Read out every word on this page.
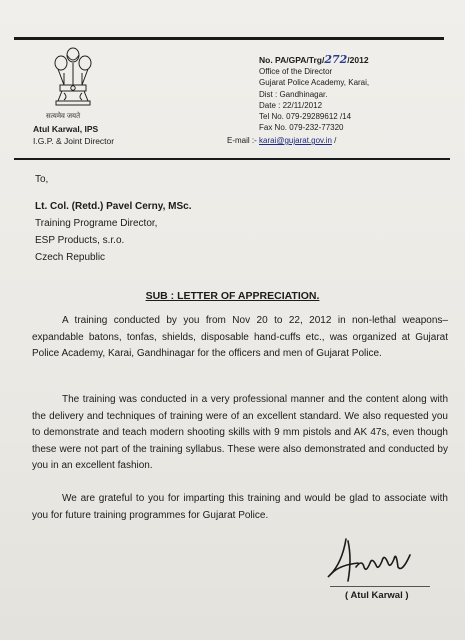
सत्यमेव जयते
Atul Karwal, IPS
I.G.P. & Joint Director
No. PA/GPA/Trg/272/2012
Office of the Director
Gujarat Police Academy, Karai,
Dist : Gandhinagar.
Date : 22/11/2012
Tel No. 079-29289612 /14
Fax No. 079-232-77320
E-mail :- karai@gujarat.gov.in /
To,
Lt. Col. (Retd.) Pavel Cerny, MSc.
Training Programe Director,
ESP Products, s.r.o.
Czech Republic
SUB : LETTER OF APPRECIATION.
A training conducted by you from Nov 20 to 22, 2012 in non-lethal weapons– expandable batons, tonfas, shields, disposable hand-cuffs etc., was organized at Gujarat Police Academy, Karai, Gandhinagar for the officers and men of Gujarat Police.
The training was conducted in a very professional manner and the content along with the delivery and techniques of training were of an excellent standard. We also requested you to demonstrate and teach modern shooting skills with 9 mm pistols and AK 47s, even though these were not part of the training syllabus. These were also demonstrated and conducted by you in an excellent fashion.
We are grateful to you for imparting this training and would be glad to associate with you for future training programmes for Gujarat Police.
( Atul Karwal )
